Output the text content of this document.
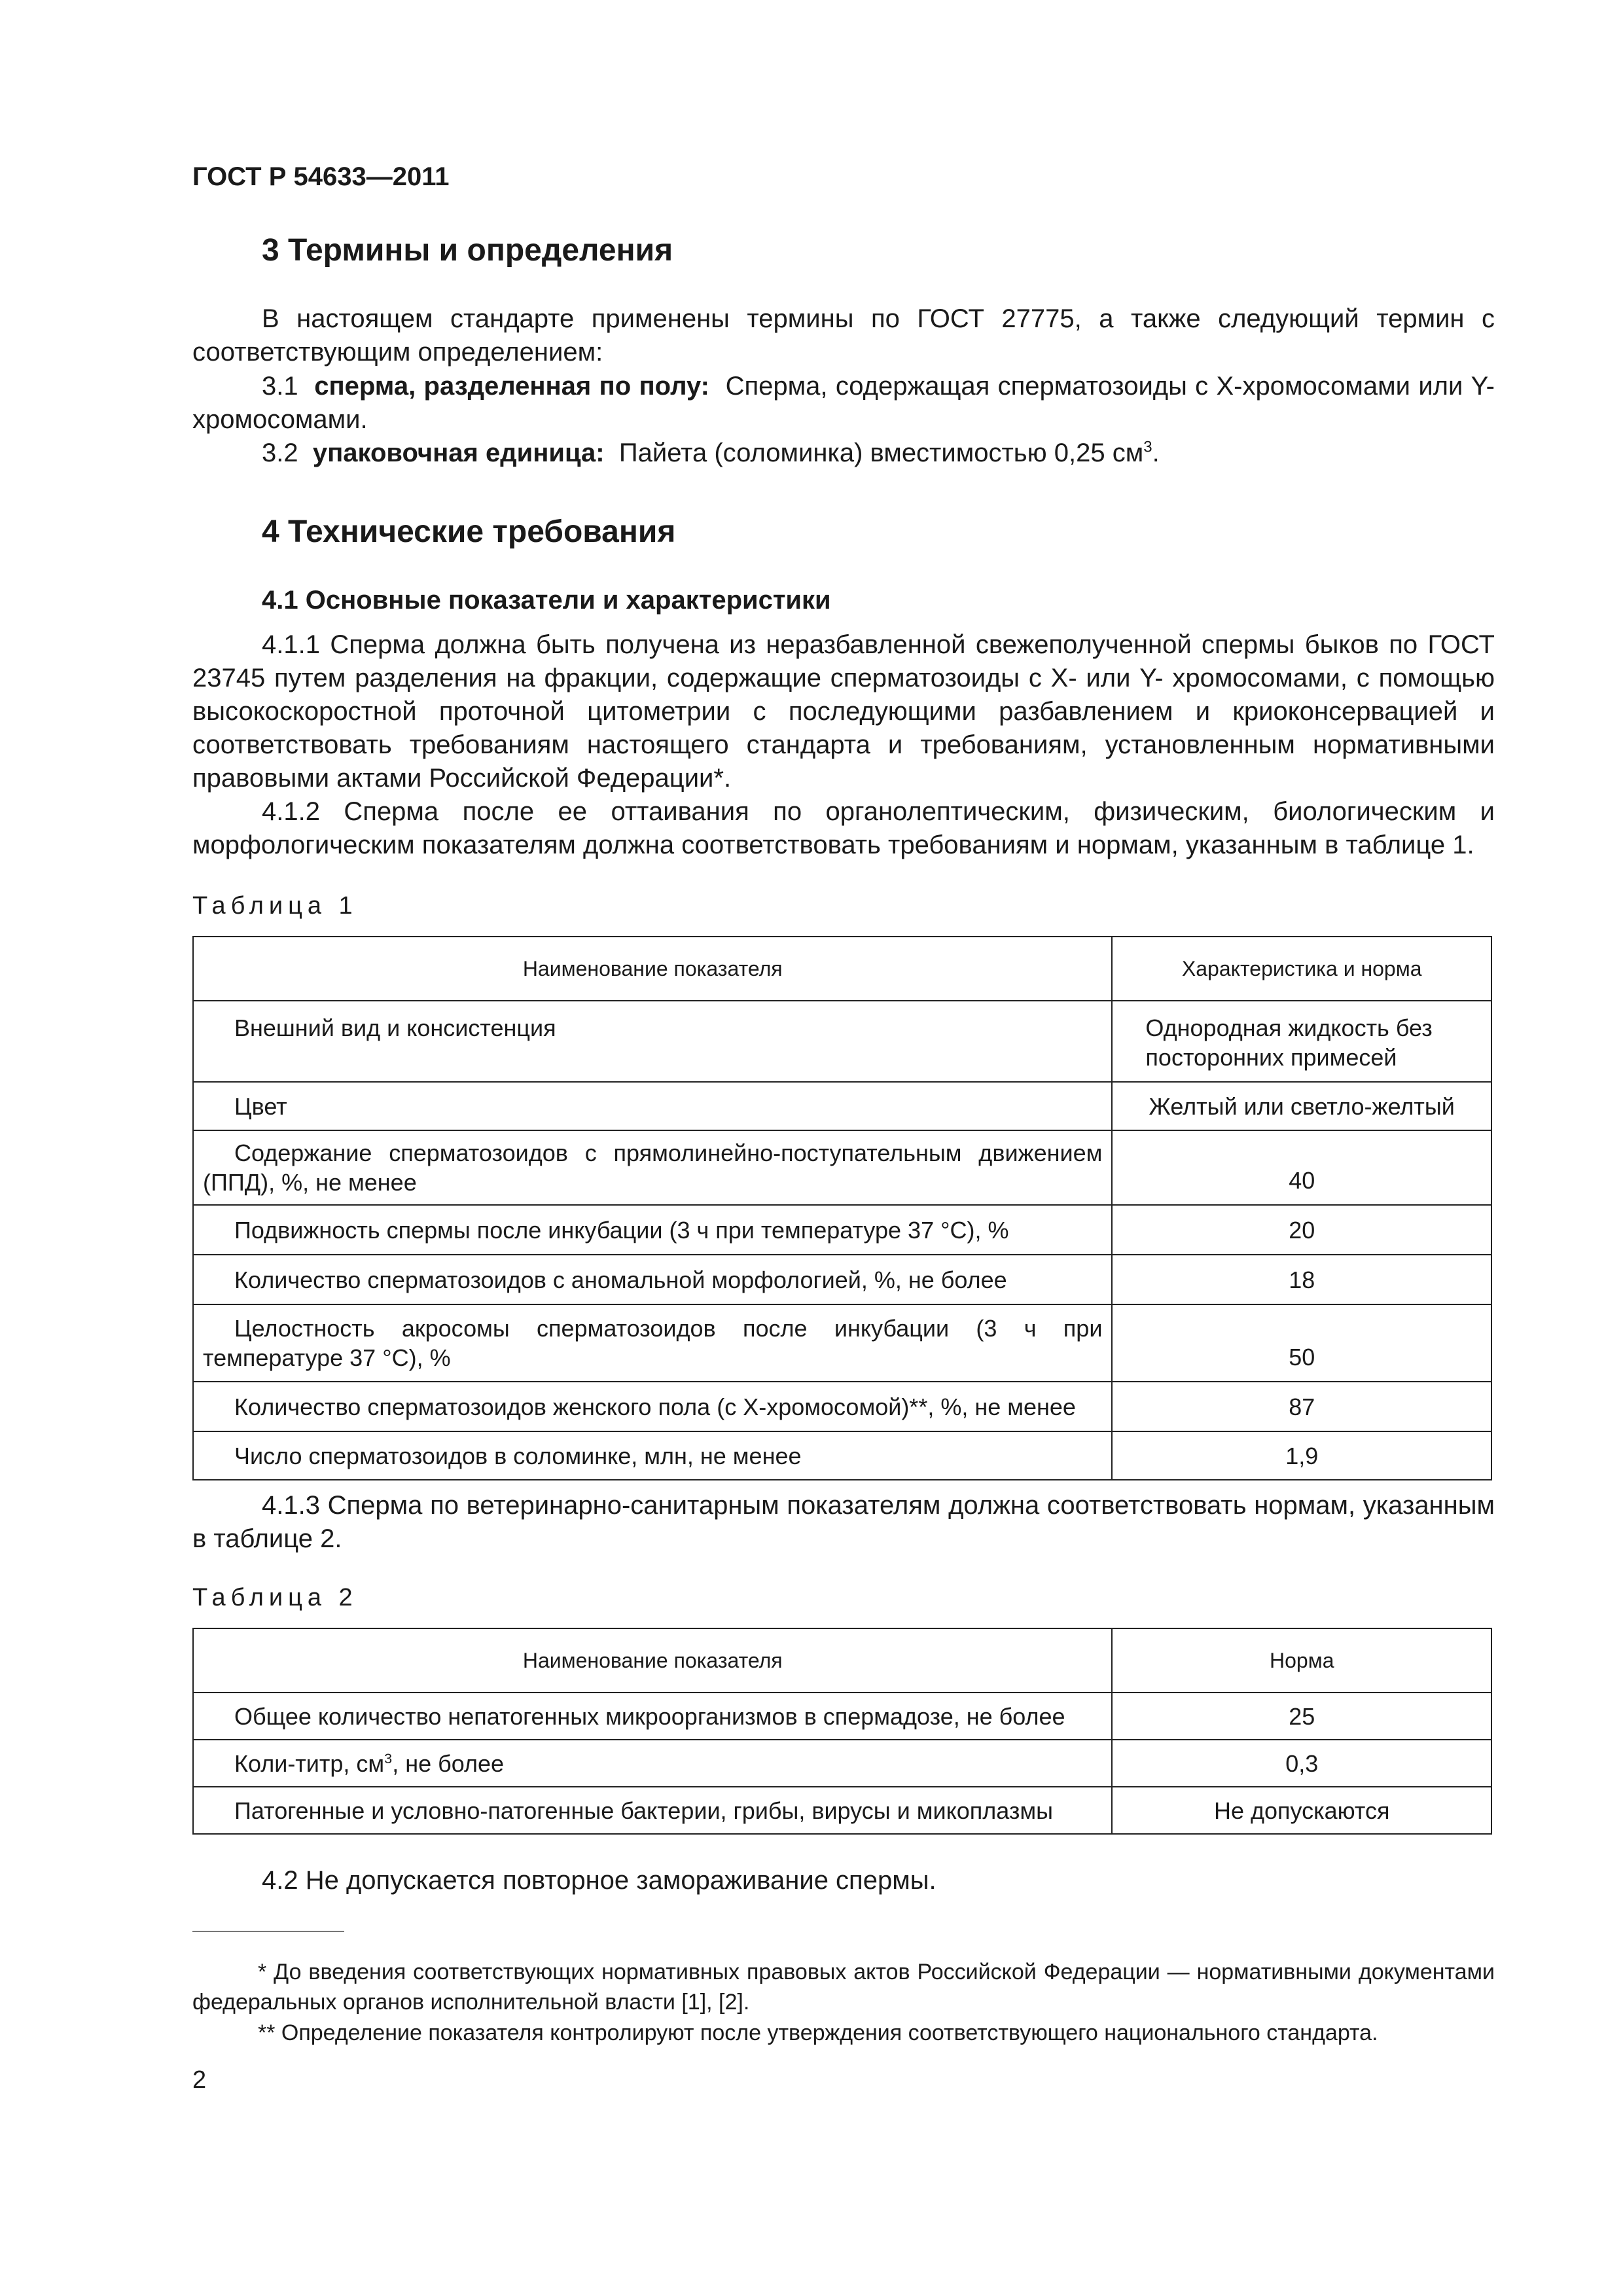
ГОСТ Р 54633—2011
3 Термины и определения
В настоящем стандарте применены термины по ГОСТ 27775, а также следующий термин с соответствующим определением:
3.1 сперма, разделенная по полу: Сперма, содержащая сперматозоиды с Х-хромосомами или Y-хромосомами.
3.2 упаковочная единица: Пайета (соломинка) вместимостью 0,25 $см^3$.
4 Технические требования
4.1 Основные показатели и характеристики
4.1.1 Сперма должна быть получена из неразбавленной свежеполученной спермы быков по ГОСТ 23745 путем разделения на фракции, содержащие сперматозоиды с Х- или Y- хромосомами, с помощью высокоскоростной проточной цитометрии с последующими разбавлением и криоконсервацией и соответствовать требованиям настоящего стандарта и требованиям, установленным нормативными правовыми актами Российской Федерации*.
4.1.2 Сперма после ее оттаивания по органолептическим, физическим, биологическим и морфологическим показателям должна соответствовать требованиям и нормам, указанным в таблице 1.
Таблица 1
Наименование показателя	Характеристика и норма
Внешний вид и консистенция	Однородная жидкость без посторонних примесей
Цвет	Желтый или светло-желтый
Содержание сперматозоидов с прямолинейно-поступательным движением (ППД), %, не менее	40
Подвижность спермы после инкубации (3 ч при температуре 37 °С), %	20
Количество сперматозоидов с аномальной морфологией, %, не более	18
Целостность акросомы сперматозоидов после инкубации (3 ч при температуре 37 °С), %	50
Количество сперматозоидов женского пола (с Х-хромосомой)**, %, не менее	87
Число сперматозоидов в соломинке, млн, не менее	1,9
4.1.3 Сперма по ветеринарно-санитарным показателям должна соответствовать нормам, указанным в таблице 2.
Таблица 2
Наименование показателя	Норма
Общее количество непатогенных микроорганизмов в спермадозе, не более	25
Коли-титр, $см^3$, не более	0,3
Патогенные и условно-патогенные бактерии, грибы, вирусы и микоплазмы	Не допускаются
4.2 Не допускается повторное замораживание спермы.
* До введения соответствующих нормативных правовых актов Российской Федерации — нормативными документами федеральных органов исполнительной власти [1], [2].
** Определение показателя контролируют после утверждения соответствующего национального стандарта.
2
